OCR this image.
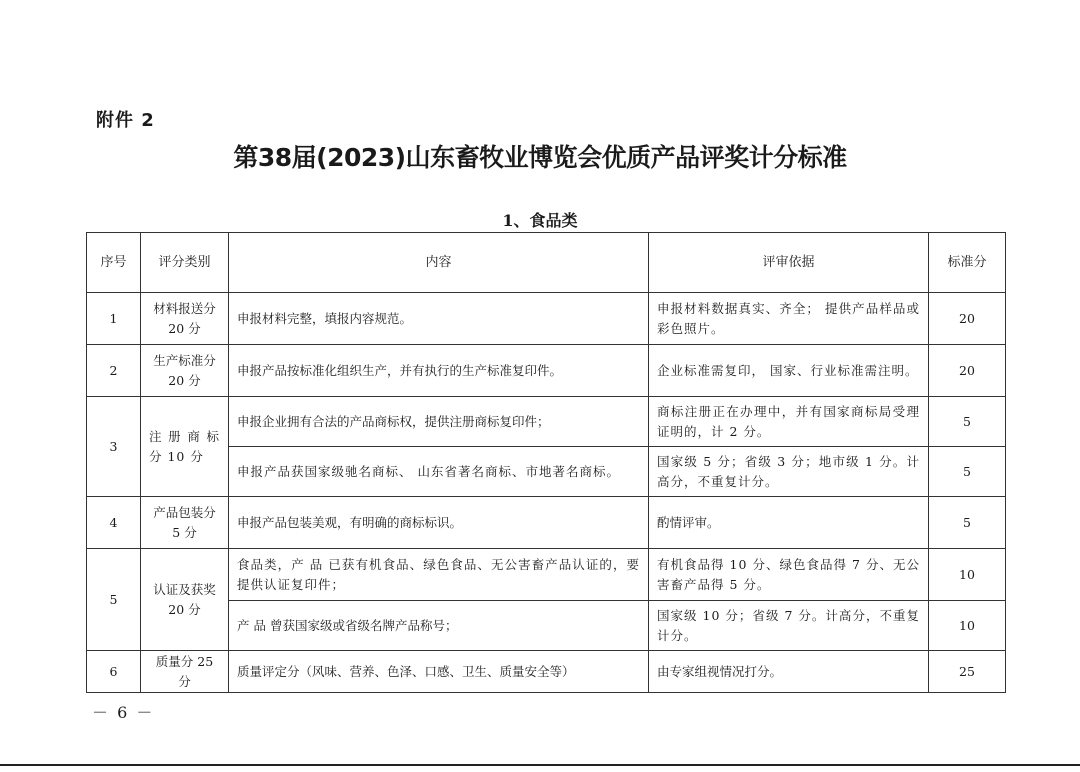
附件 2
第38届(2023)山东畜牧业博览会优质产品评奖计分标准
1、食品类
序号	评分类别	内容	评审依据	标准分
1	材料报送分 20 分	申报材料完整，填报内容规范。	申报材料数据真实、齐全； 提供产品样品或彩色照片。	20
2	生产标准分 20 分	申报产品按标准化组织生产，并有执行的生产标准复印件。	企业标准需复印， 国家、行业标准需注明。	20
3	注 册 商 标 分 10 分	申报企业拥有合法的产品商标权，提供注册商标复印件；	商标注册正在办理中，并有国家商标局受理证明的，计 2 分。	5
		申报产品获国家级驰名商标、 山东省著名商标、市地著名商标。	国家级 5 分；省级 3 分；地市级 1 分。计高分，不重复计分。	5
4	产品包装分 5 分	申报产品包装美观，有明确的商标标识。	酌情评审。	5
5	认证及获奖 20 分	食品类，产 品 已获有机食品、绿色食品、无公害畜产品认证的，要提供认证复印件；	有机食品得 10 分、绿色食品得 7 分、无公害畜产品得 5 分。	10
		产 品 曾获国家级或省级名牌产品称号；	国家级 10 分；省级 7 分。计高分，不重复计分。	10
6	质量分 25 分	质量评定分（风味、营养、色泽、口感、卫生、质量安全等）	由专家组视情况打分。	25
－ 6 －
